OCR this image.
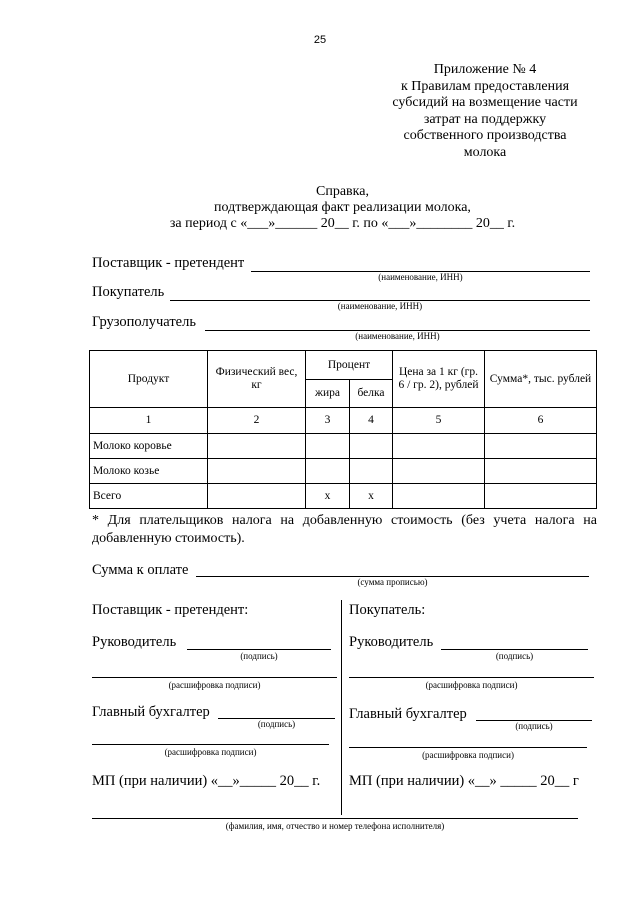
25
Приложение № 4
к Правилам предоставления
субсидий на возмещение части
затрат на поддержку
собственного производства
молока
Справка,
подтверждающая факт реализации молока,
за период с «___»______ 20__ г. по «___»________ 20__ г.
Поставщик - претендент
(наименование, ИНН)
Покупатель
(наименование, ИНН)
Грузополучатель
(наименование, ИНН)
Продукт	Физический вес, кг	Процент		Цена за 1 кг (гр. 6 / гр. 2), рублей	Сумма*, тыс. рублей
		жира	белка		
1	2	3	4	5	6
Молоко коровье					
Молоко козье					
Всего		х	х		
* Для плательщиков налога на добавленную стоимость (без учета налога на добавленную стоимость).
Сумма к оплате
(сумма прописью)
Поставщик - претендент:
Руководитель
(подпись)
(расшифровка подписи)
Главный бухгалтер
(подпись)
(расшифровка подписи)
МП (при наличии) «__»_____ 20__ г.
Покупатель:
Руководитель
(подпись)
(расшифровка подписи)
Главный бухгалтер
(подпись)
(расшифровка подписи)
МП (при наличии) «__» _____ 20__ г
(фамилия, имя, отчество и номер телефона исполнителя)
